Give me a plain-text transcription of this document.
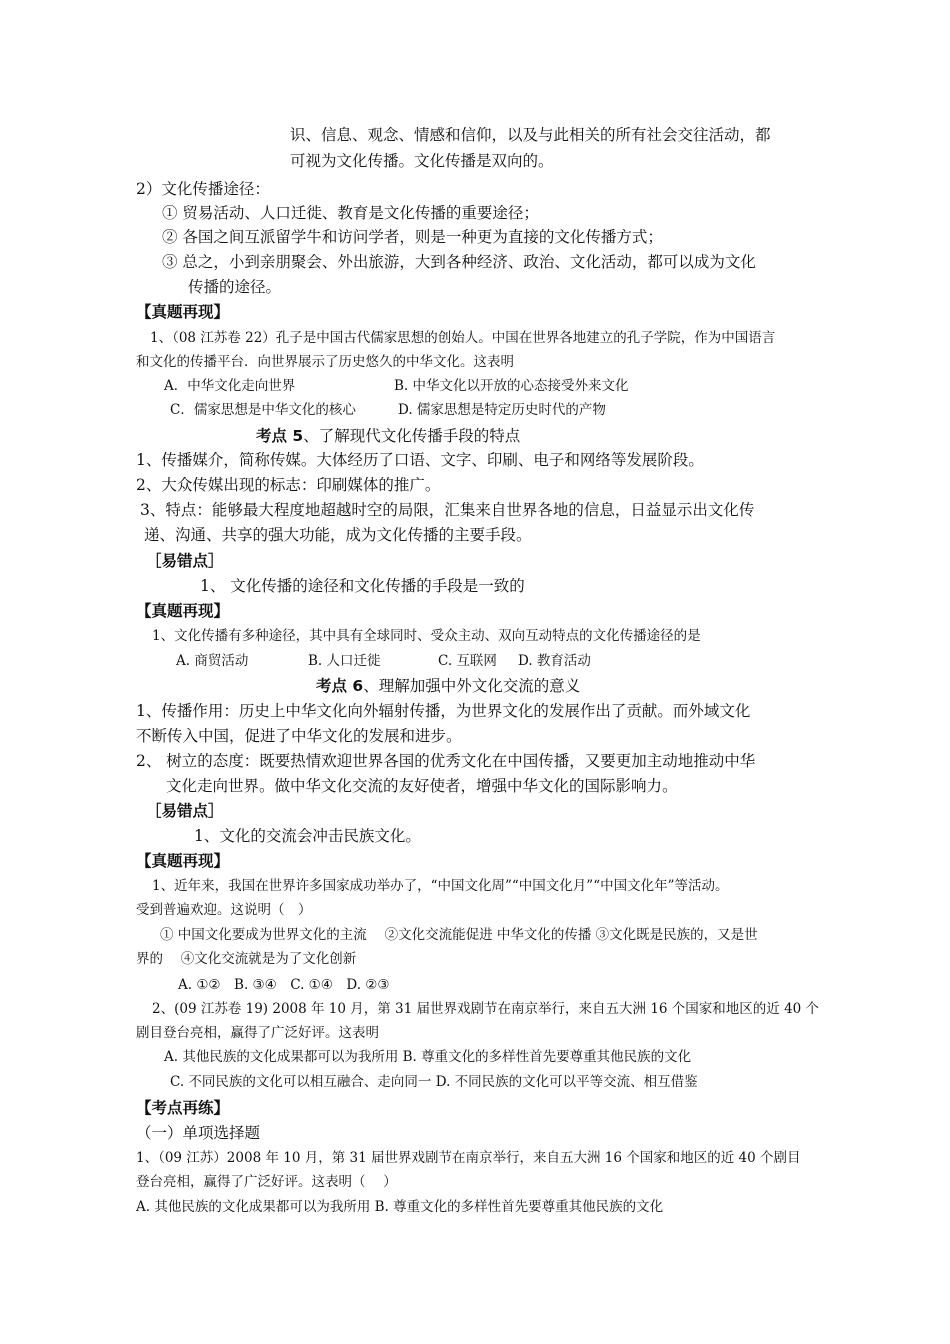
识、信息、观念、情感和信仰，以及与此相关的所有社会交往活动，都
可视为文化传播。文化传播是双向的。
2）文化传播途径：
① 贸易活动、人口迁徙、教育是文化传播的重要途径；
② 各国之间互派留学牛和访问学者，则是一种更为直接的文化传播方式；
③ 总之，小到亲朋聚会、外出旅游，大到各种经济、政治、文化活动，都可以成为文化
传播的途径。
【真题再现】
1、（08 江苏卷 22）孔子是中国古代儒家思想的创始人。中国在世界各地建立的孔子学院，作为中国语言
和文化的传播平台．向世界展示了历史悠久的中华文化。这表明
A．中华文化走向世界	B. 中华文化以开放的心态接受外来文化
C．儒家思想是中华文化的核心	D. 儒家思想是特定历史时代的产物
考点 5、了解现代文化传播手段的特点
1、传播媒介，简称传媒。大体经历了口语、文字、印刷、电子和网络等发展阶段。
2、大众传媒出现的标志：印刷媒体的推广。
3、特点：能够最大程度地超越时空的局限，汇集来自世界各地的信息，日益显示出文化传
递、沟通、共享的强大功能，成为文化传播的主要手段。
［易错点］
1、 文化传播的途径和文化传播的手段是一致的
【真题再现】
1、文化传播有多种途径，其中具有全球同时、受众主动、双向互动特点的文化传播途径的是
A. 商贸活动	B. 人口迁徙	C. 互联网 D. 教育活动
考点 6、理解加强中外文化交流的意义
1、传播作用：历史上中华文化向外辐射传播，为世界文化的发展作出了贡献。而外域文化
不断传入中国，促进了中华文化的发展和进步。
2、 树立的态度：既要热情欢迎世界各国的优秀文化在中国传播，又要更加主动地推动中华
文化走向世界。做中华文化交流的友好使者，增强中华文化的国际影响力。
［易错点］
1、文化的交流会冲击民族文化。
【真题再现】
1、近年来，我国在世界许多国家成功举办了，“中国文化周”“中国文化月”“中国文化年”等活动。
受到普遍欢迎。这说明（　）
① 中国文化要成为世界文化的主流　 ②文化交流能促进 中华文化的传播 ③文化既是民族的，又是世
界的　 ④文化交流就是为了文化创新
A. ①②　B. ③④　C. ①④　D. ②③
2、(09 江苏卷 19) 2008 年 10 月，第 31 届世界戏剧节在南京举行，来自五大洲 16 个国家和地区的近 40 个
剧目登台亮相，赢得了广泛好评。这表明
A. 其他民族的文化成果都可以为我所用 B. 尊重文化的多样性首先要尊重其他民族的文化
C. 不同民族的文化可以相互融合、走向同一 D. 不同民族的文化可以平等交流、相互借鉴
【考点再练】
（一）单项选择题
1、（09 江苏）2008 年 10 月，第 31 届世界戏剧节在南京举行，来自五大洲 16 个国家和地区的近 40 个剧目
登台亮相，赢得了广泛好评。这表明（　 ）
A. 其他民族的文化成果都可以为我所用 B. 尊重文化的多样性首先要尊重其他民族的文化
